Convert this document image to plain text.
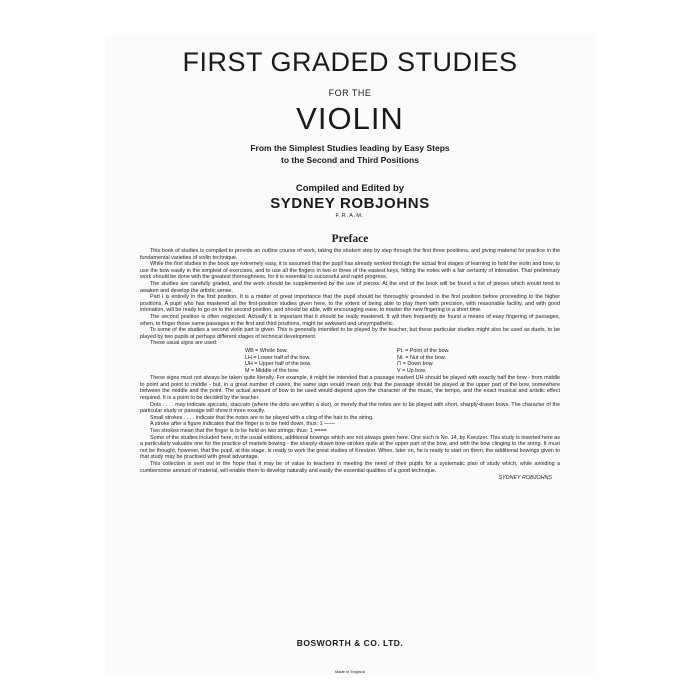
FIRST GRADED STUDIES
FOR THE
VIOLIN
From the Simplest Studies leading by Easy Steps
to the Second and Third Positions
Compiled and Edited by
SYDNEY ROBJOHNS
F.R.A.M.
Preface

This book of studies is compiled to provide an outline course of work, taking the student step by step through the first three positions, and giving material for practice in the fundamental varieties of violin technique.

While the first studies in the book are extremely easy, it is assumed that the pupil has already worked through the actual first stages of learning to hold the violin and bow, to use the bow easily in the simplest of exercises, and to use all the fingers in two or three of the easiest keys, hitting the notes with a fair certainty of intonation. That preliminary work should be done with the greatest thoroughness, for it is essential to successful and rapid progress.

The studies are carefully graded, and the work should be supplemented by the use of pieces. At the end of the book will be found a list of pieces which would tend to awaken and develop the artistic sense.

Part I is entirely in the first position. It is a matter of great importance that the pupil should be thoroughly grounded in the first position before proceeding to the higher positions. A pupil who has mastered all the first-position studies given here, to the extent of being able to play them with precision, with reasonable facility, and with good intonation, will be ready to go on to the second position, and should be able, with encouraging ease, to master the new fingering in a short time.

The second position is often neglected. Actually it is important that it should be really mastered. It will then frequently be found a means of easy fingering of passages, when, to finger those same passages in the first and third positions, might be awkward and unsympathetic.

To some of the studies a second violin part is given. This is generally intended to be played by the teacher, but these particular studies might also be used as duets, to be played by two pupils at perhaps different stages of technical development.

These usual signs are used:

WB = Whole bow.	Pt. = Point of the bow.
LH = Lower half of the bow.	Nt. = Nut of the bow.
UH = Upper half of the bow.	⊓ = Down bow.
M = Middle of the bow.	V = Up bow.

These signs must not always be taken quite literally. For example, it might be intended that a passage marked UH should be played with exactly half the bow - from middle to point and point to middle - but, in a great number of cases, the same sign would mean only that the passage should be played at the upper part of the bow, somewhere between the middle and the point. The actual amount of bow to be used would depend upon the character of the music, the tempo, and the exact musical and artistic effect required. It is a point to be decided by the teacher.

Dots . . . . may indicate spiccato, staccato (where the dots are within a slur), or merely that the notes are to be played with short, sharply-drawn bows. The character of the particular study or passage will show it more exactly.

Small strokes . . . . indicate that the notes are to be played with a cling of the hair to the string.

A stroke after a figure indicates that the finger is to be held down, thus: 1 ——

Two strokes mean that the finger is to be held on two strings: thus: 1 ====

Some of the studies included here, in the usual editions, additional bowings which are not always given here. One such is No. 14, by Kreutzer. This study is inserted here as a particularly valuable one for the practice of martelé bowing - the sharply-drawn bow-strokes quite at the upper part of the bow, and with the bow clinging to the string. It must not be thought, however, that the pupil, at this stage, is ready to work the great studies of Kreutzer. When, later on, he is ready to start on them, the additional bowings given to that study may be practised with great advantage.

This collection is sent out in the hope that it may be of value to teachers in meeting the need of their pupils for a systematic plan of study which, while avoiding a cumbersome amount of material, will enable them to develop naturally and easily the essential qualities of a good technique.

SYDNEY ROBJOHNS
BOSWORTH & CO. LTD.
Made in England
